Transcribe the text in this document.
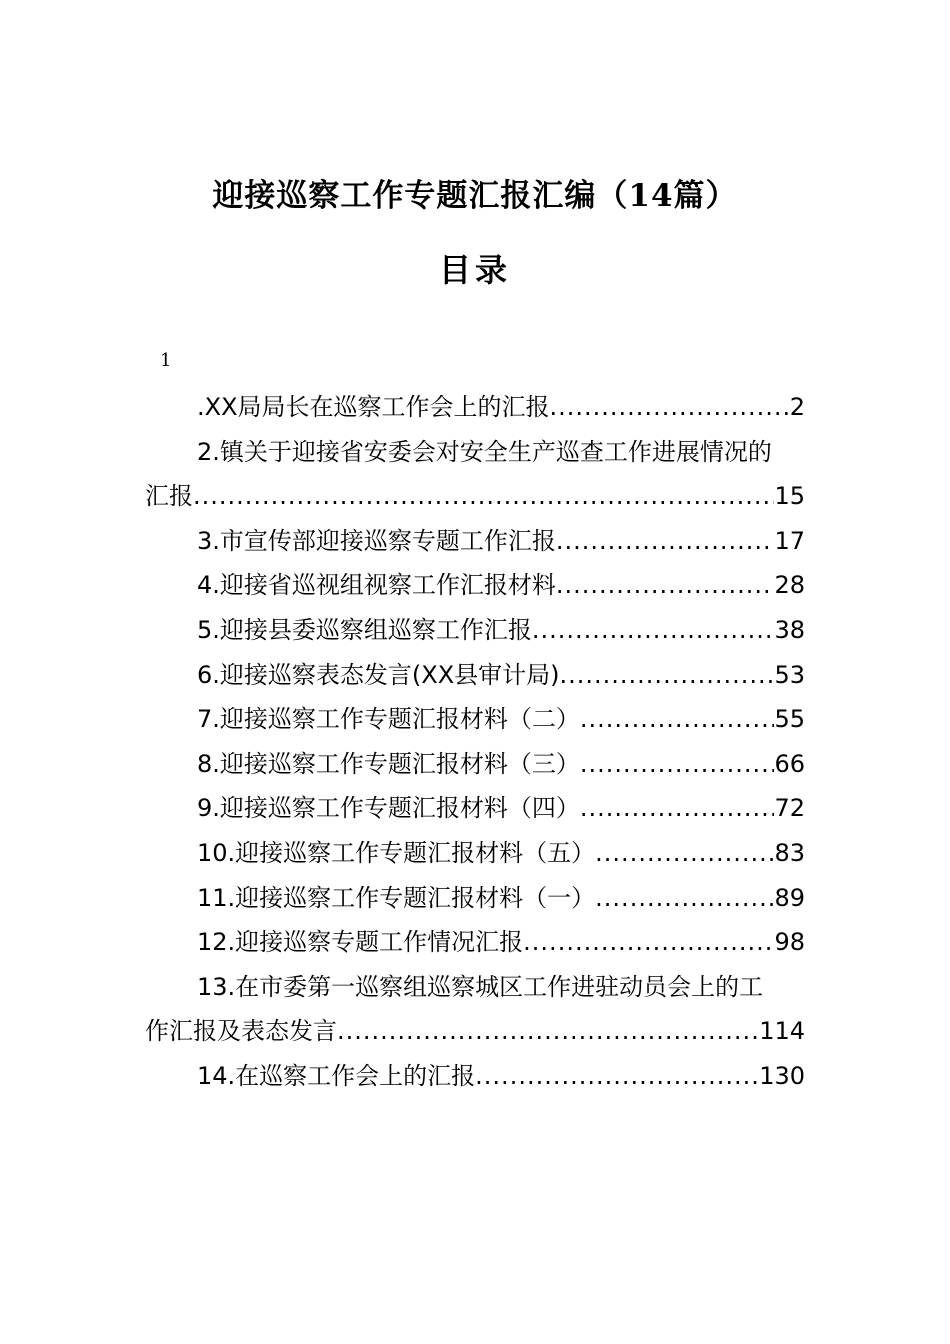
迎接巡察工作专题汇报汇编（14篇）
目录
1
.XX局局长在巡察工作会上的汇报 .....	2
2.镇关于迎接省安委会对安全生产巡查工作进展情况的
汇报 .....	15
3.市宣传部迎接巡察专题工作汇报 .....	17
4.迎接省巡视组视察工作汇报材料 .....	28
5.迎接县委巡察组巡察工作汇报 .....	38
6.迎接巡察表态发言(XX县审计局) .....	53
7.迎接巡察工作专题汇报材料（二） .....	55
8.迎接巡察工作专题汇报材料（三） .....	66
9.迎接巡察工作专题汇报材料（四） .....	72
10.迎接巡察工作专题汇报材料（五） .....	83
11.迎接巡察工作专题汇报材料（一） .....	89
12.迎接巡察专题工作情况汇报 .....	98
13.在市委第一巡察组巡察城区工作进驻动员会上的工
作汇报及表态发言 .....	114
14.在巡察工作会上的汇报 .....	130
